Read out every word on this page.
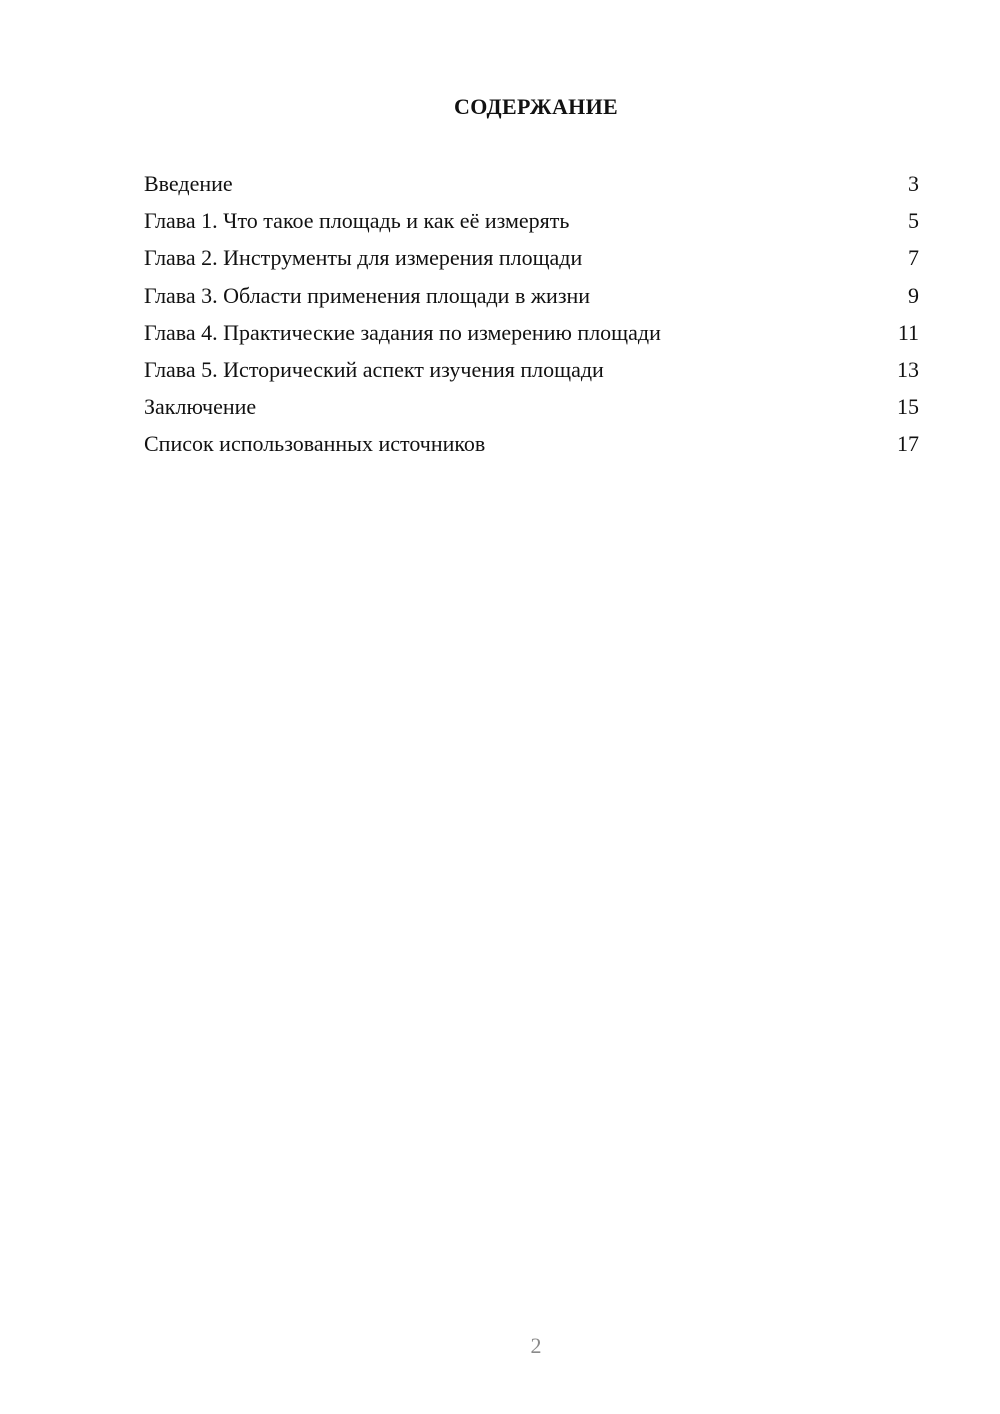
СОДЕРЖАНИЕ
Введение	3
Глава 1. Что такое площадь и как её измерять	5
Глава 2. Инструменты для измерения площади	7
Глава 3. Области применения площади в жизни	9
Глава 4. Практические задания по измерению площади	11
Глава 5. Исторический аспект изучения площади	13
Заключение	15
Список использованных источников	17
2
